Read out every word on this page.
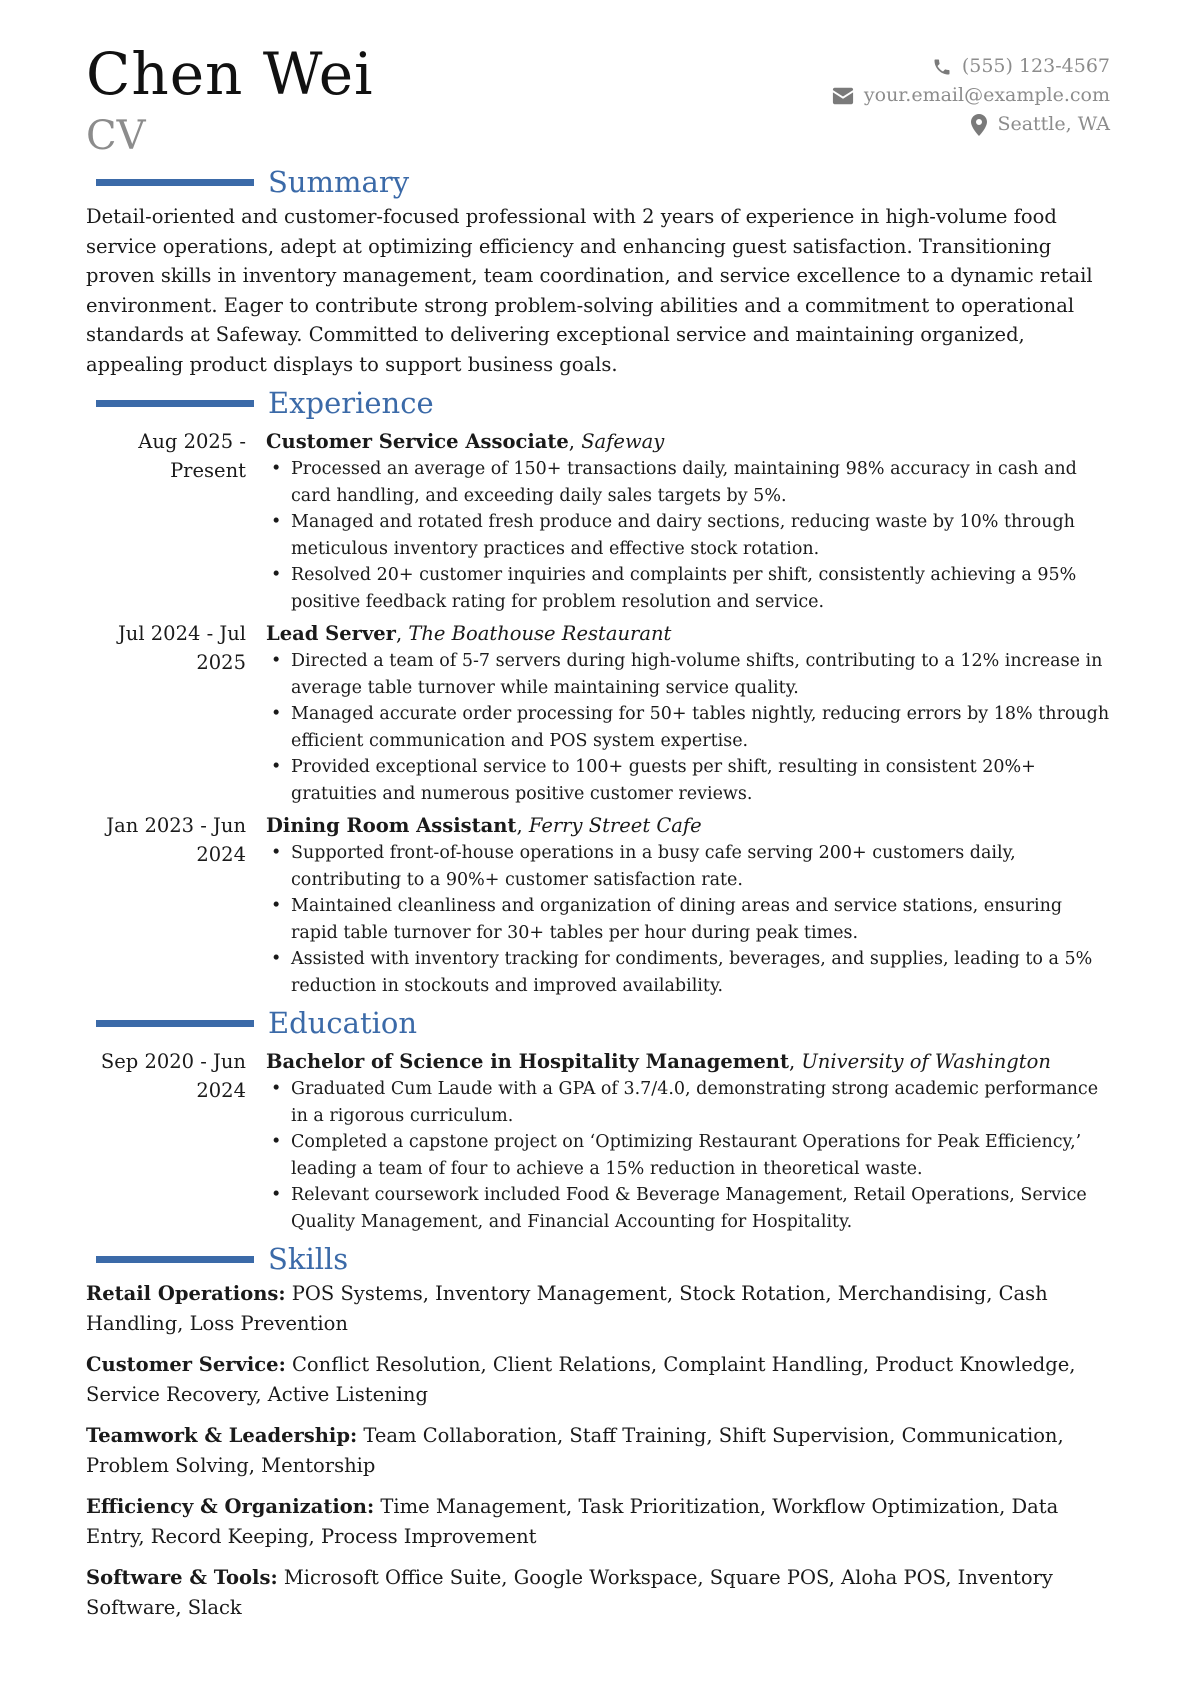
Chen Wei
CV
(555) 123-4567
your.email@example.com
Seattle, WA
Summary

Detail-oriented and customer-focused professional with 2 years of experience in high-volume food service operations, adept at optimizing efficiency and enhancing guest satisfaction. Transitioning proven skills in inventory management, team coordination, and service excellence to a dynamic retail environment. Eager to contribute strong problem-solving abilities and a commitment to operational standards at Safeway. Committed to delivering exceptional service and maintaining organized, appealing product displays to support business goals.

Experience
Aug 2025 - Present
Customer Service Associate, Safeway
• Processed an average of 150+ transactions daily, maintaining 98% accuracy in cash and card handling, and exceeding daily sales targets by 5%.
• Managed and rotated fresh produce and dairy sections, reducing waste by 10% through meticulous inventory practices and effective stock rotation.
• Resolved 20+ customer inquiries and complaints per shift, consistently achieving a 95% positive feedback rating for problem resolution and service.
Jul 2024 - Jul 2025
Lead Server, The Boathouse Restaurant
• Directed a team of 5-7 servers during high-volume shifts, contributing to a 12% increase in average table turnover while maintaining service quality.
• Managed accurate order processing for 50+ tables nightly, reducing errors by 18% through efficient communication and POS system expertise.
• Provided exceptional service to 100+ guests per shift, resulting in consistent 20%+ gratuities and numerous positive customer reviews.
Jan 2023 - Jun 2024
Dining Room Assistant, Ferry Street Cafe
• Supported front-of-house operations in a busy cafe serving 200+ customers daily, contributing to a 90%+ customer satisfaction rate.
• Maintained cleanliness and organization of dining areas and service stations, ensuring rapid table turnover for 30+ tables per hour during peak times.
• Assisted with inventory tracking for condiments, beverages, and supplies, leading to a 5% reduction in stockouts and improved availability.
Education
Sep 2020 - Jun 2024
Bachelor of Science in Hospitality Management, University of Washington
• Graduated Cum Laude with a GPA of 3.7/4.0, demonstrating strong academic performance in a rigorous curriculum.
• Completed a capstone project on ‘Optimizing Restaurant Operations for Peak Efficiency,’ leading a team of four to achieve a 15% reduction in theoretical waste.
• Relevant coursework included Food & Beverage Management, Retail Operations, Service Quality Management, and Financial Accounting for Hospitality.
Skills
Retail Operations: POS Systems, Inventory Management, Stock Rotation, Merchandising, Cash Handling, Loss Prevention
Customer Service: Conflict Resolution, Client Relations, Complaint Handling, Product Knowledge, Service Recovery, Active Listening
Teamwork & Leadership: Team Collaboration, Staff Training, Shift Supervision, Communication, Problem Solving, Mentorship
Efficiency & Organization: Time Management, Task Prioritization, Workflow Optimization, Data Entry, Record Keeping, Process Improvement
Software & Tools: Microsoft Office Suite, Google Workspace, Square POS, Aloha POS, Inventory Software, Slack
